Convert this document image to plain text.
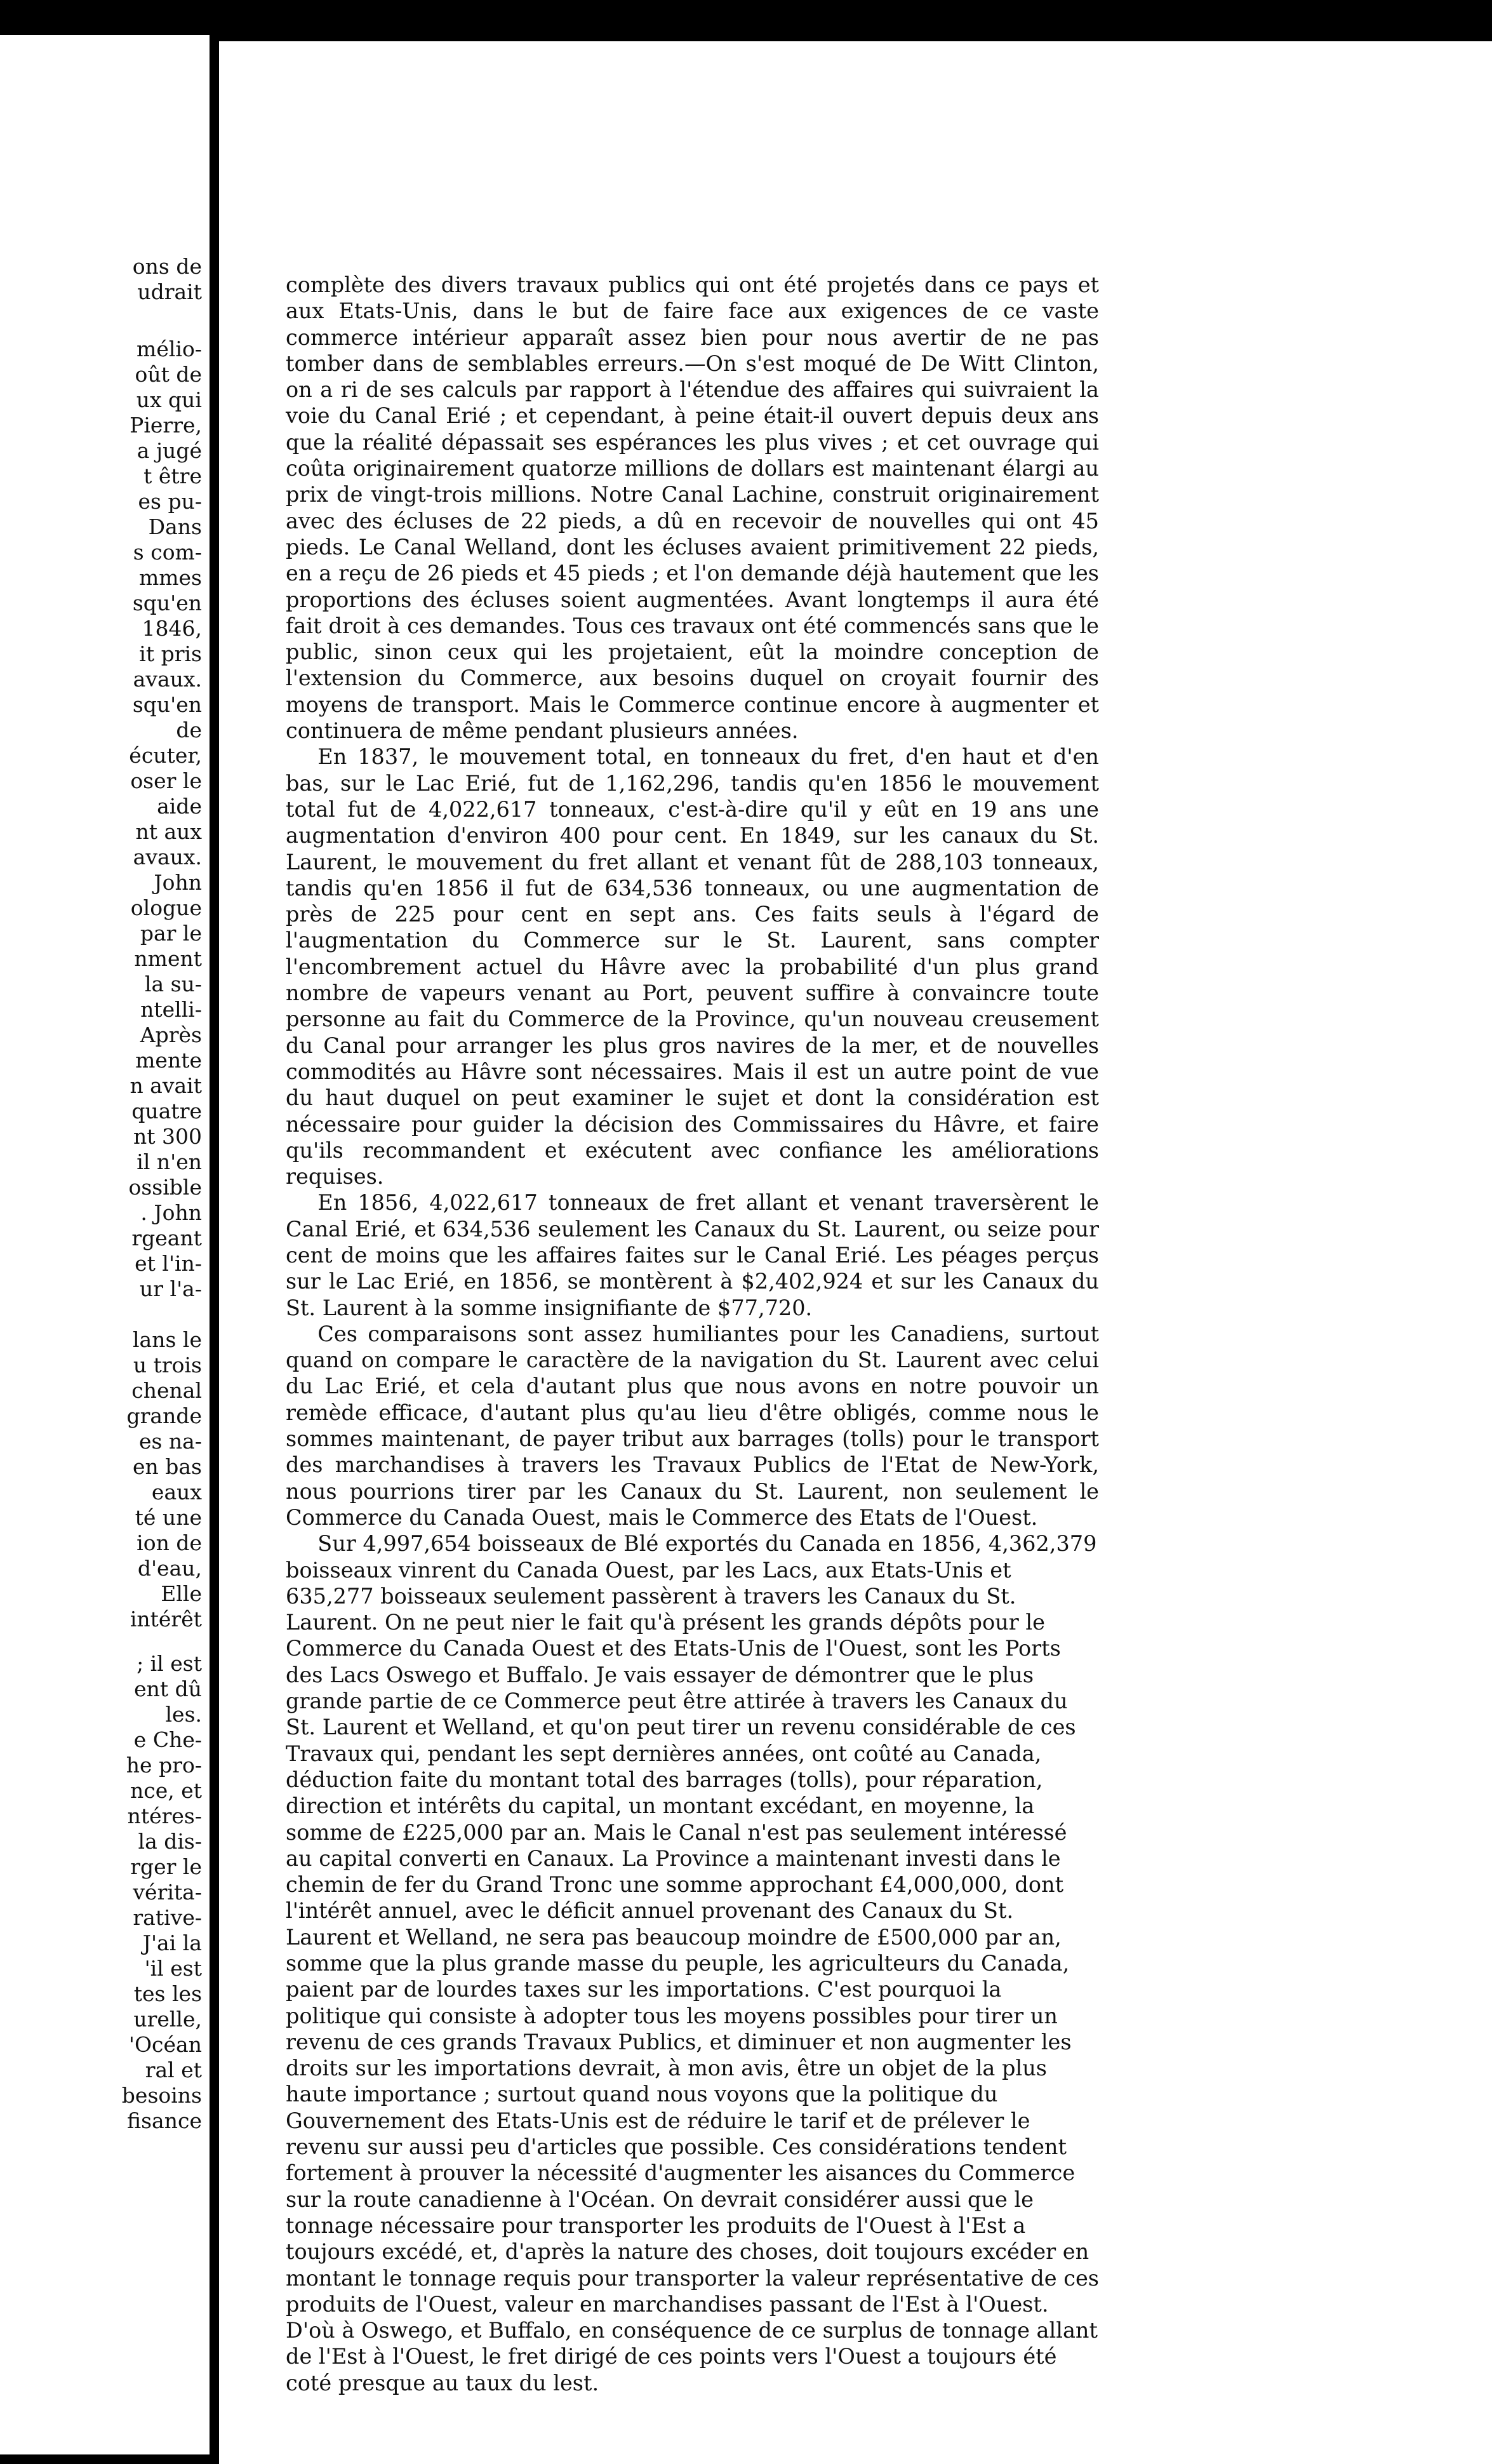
ons de
udrait
mélio-
oût de
ux qui
Pierre,
a jugé
t être
es pu-
Dans
s com-
mmes
squ'en
1846,
it pris
avaux.
squ'en
de
écuter,
oser le
aide
nt aux
avaux.
John
ologue
par le
nment
la su-
ntelli-
Après
mente
n avait
quatre
nt 300
il n'en
ossible
. John
rgeant
et l'in-
ur l'a-
lans le
u trois
chenal
grande
es na-
en bas
eaux
té une
ion de
d'eau,
Elle
intérêt
; il est
ent dû
les.
e Che-
he pro-
nce, et
ntéres-
la dis-
rger le
véritа-
rative-
J'ai la
'il est
tes les
urelle,
'Océan
ral et
besoins
fisance

complète des divers travaux publics qui ont été projetés dans ce pays et aux Etats-Unis, dans le but de faire face aux exigences de ce vaste commerce intérieur apparaît assez bien pour nous avertir de ne pas tomber dans de semblables erreurs.—On s'est moqué de De Witt Clinton, on a ri de ses calculs par rapport à l'étendue des affaires qui suivraient la voie du Canal Erié ; et cependant, à peine était-il ouvert depuis deux ans que la réalité dépassait ses espérances les plus vives ; et cet ouvrage qui coûta originairement quatorze millions de dollars est maintenant élargi au prix de vingt-trois millions. Notre Canal Lachine, construit originairement avec des écluses de 22 pieds, a dû en recevoir de nouvelles qui ont 45 pieds. Le Canal Welland, dont les écluses avaient primitivement 22 pieds, en a reçu de 26 pieds et 45 pieds ; et l'on demande déjà hautement que les proportions des écluses soient augmentées. Avant longtemps il aura été fait droit à ces demandes. Tous ces travaux ont été commencés sans que le public, sinon ceux qui les projetaient, eût la moindre conception de l'extension du Commerce, aux besoins duquel on croyait fournir des moyens de transport. Mais le Commerce continue encore à augmenter et continuera de même pendant plusieurs années.

En 1837, le mouvement total, en tonneaux du fret, d'en haut et d'en bas, sur le Lac Erié, fut de 1,162,296, tandis qu'en 1856 le mouvement total fut de 4,022,617 tonneaux, c'est-à-dire qu'il y eût en 19 ans une augmentation d'environ 400 pour cent. En 1849, sur les canaux du St. Laurent, le mouvement du fret allant et venant fût de 288,103 tonneaux, tandis qu'en 1856 il fut de 634,536 tonneaux, ou une augmentation de près de 225 pour cent en sept ans. Ces faits seuls à l'égard de l'augmentation du Commerce sur le St. Laurent, sans compter l'encombrement actuel du Hâvre avec la probabilité d'un plus grand nombre de vapeurs venant au Port, peuvent suffire à convaincre toute personne au fait du Commerce de la Province, qu'un nouveau creusement du Canal pour arranger les plus gros navires de la mer, et de nouvelles commodités au Hâvre sont nécessaires. Mais il est un autre point de vue du haut duquel on peut examiner le sujet et dont la considération est nécessaire pour guider la décision des Commissaires du Hâvre, et faire qu'ils recommandent et exécutent avec confiance les améliorations requises.

En 1856, 4,022,617 tonneaux de fret allant et venant traversèrent le Canal Erié, et 634,536 seulement les Canaux du St. Laurent, ou seize pour cent de moins que les affaires faites sur le Canal Erié. Les péages perçus sur le Lac Erié, en 1856, se montèrent à $2,402,924 et sur les Canaux du St. Laurent à la somme insignifiante de $77,720.

Ces comparaisons sont assez humiliantes pour les Canadiens, surtout quand on compare le caractère de la navigation du St. Laurent avec celui du Lac Erié, et cela d'autant plus que nous avons en notre pouvoir un remède efficace, d'autant plus qu'au lieu d'être obligés, comme nous le sommes maintenant, de payer tribut aux barrages (tolls) pour le transport des marchandises à travers les Travaux Publics de l'Etat de New-York, nous pourrions tirer par les Canaux du St. Laurent, non seulement le Commerce du Canada Ouest, mais le Commerce des Etats de l'Ouest.

Sur 4,997,654 boisseaux de Blé exportés du Canada en 1856, 4,362,379 boisseaux vinrent du Canada Ouest, par les Lacs, aux Etats-Unis et 635,277 boisseaux seulement passèrent à travers les Canaux du St. Laurent. On ne peut nier le fait qu'à présent les grands dépôts pour le Commerce du Canada Ouest et des Etats-Unis de l'Ouest, sont les Ports des Lacs Oswego et Buffalo. Je vais essayer de démontrer que le plus grande partie de ce Commerce peut être attirée à travers les Canaux du St. Laurent et Welland, et qu'on peut tirer un revenu considérable de ces Travaux qui, pendant les sept dernières années, ont coûté au Canada, déduction faite du montant total des barrages (tolls), pour réparation, direction et intérêts du capital, un montant excédant, en moyenne, la somme de £225,000 par an. Mais le Canal n'est pas seulement intéressé au capital converti en Canaux. La Province a maintenant investi dans le chemin de fer du Grand Tronc une somme approchant £4,000,000, dont l'intérêt annuel, avec le déficit annuel provenant des Canaux du St. Laurent et Welland, ne sera pas beaucoup moindre de £500,000 par an, somme que la plus grande masse du peuple, les agriculteurs du Canada, paient par de lourdes taxes sur les importations. C'est pourquoi la politique qui consiste à adopter tous les moyens possibles pour tirer un revenu de ces grands Travaux Publics, et diminuer et non augmenter les droits sur les importations devrait, à mon avis, être un objet de la plus haute importance ; surtout quand nous voyons que la politique du Gouvernement des Etats-Unis est de réduire le tarif et de prélever le revenu sur aussi peu d'articles que possible. Ces considérations tendent fortement à prouver la nécessité d'augmenter les aisances du Commerce sur la route canadienne à l'Océan. On devrait considérer aussi que le tonnage nécessaire pour transporter les produits de l'Ouest à l'Est a toujours excédé, et, d'après la nature des choses, doit toujours excéder en montant le tonnage requis pour transporter la valeur représentative de ces produits de l'Ouest, valeur en marchandises passant de l'Est à l'Ouest. D'où à Oswego, et Buffalo, en conséquence de ce surplus de tonnage allant de l'Est à l'Ouest, le fret dirigé de ces points vers l'Ouest a toujours été coté presque au taux du lest.
